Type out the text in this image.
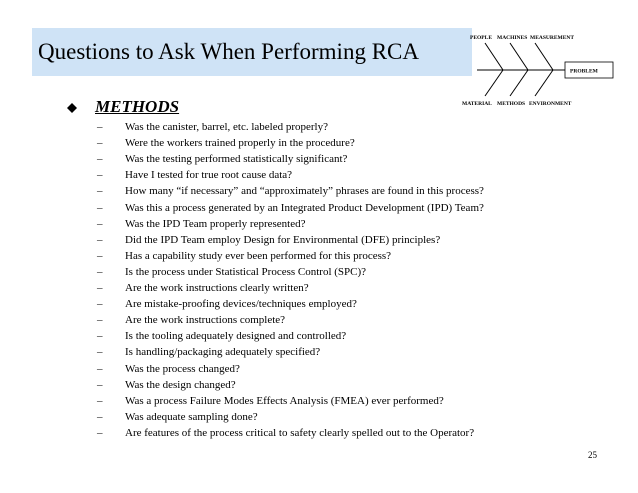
Questions to Ask When Performing RCA
PEOPLE MACHINES MEASUREMENT
PROBLEM
MATERIAL METHODS ENVIRONMENT
METHODS
– Was the canister, barrel, etc. labeled properly?
– Were the workers trained properly in the procedure?
– Was the testing performed statistically significant?
– Have I tested for true root cause data?
– How many “if necessary” and “approximately” phrases are found in this process?
– Was this a process generated by an Integrated Product Development (IPD) Team?
– Was the IPD Team properly represented?
– Did the IPD Team employ Design for Environmental (DFE) principles?
– Has a capability study ever been performed for this process?
– Is the process under Statistical Process Control (SPC)?
– Are the work instructions clearly written?
– Are mistake-proofing devices/techniques employed?
– Are the work instructions complete?
– Is the tooling adequately designed and controlled?
– Is handling/packaging adequately specified?
– Was the process changed?
– Was the design changed?
– Was a process Failure Modes Effects Analysis (FMEA) ever performed?
– Was adequate sampling done?
– Are features of the process critical to safety clearly spelled out to the Operator?
25
